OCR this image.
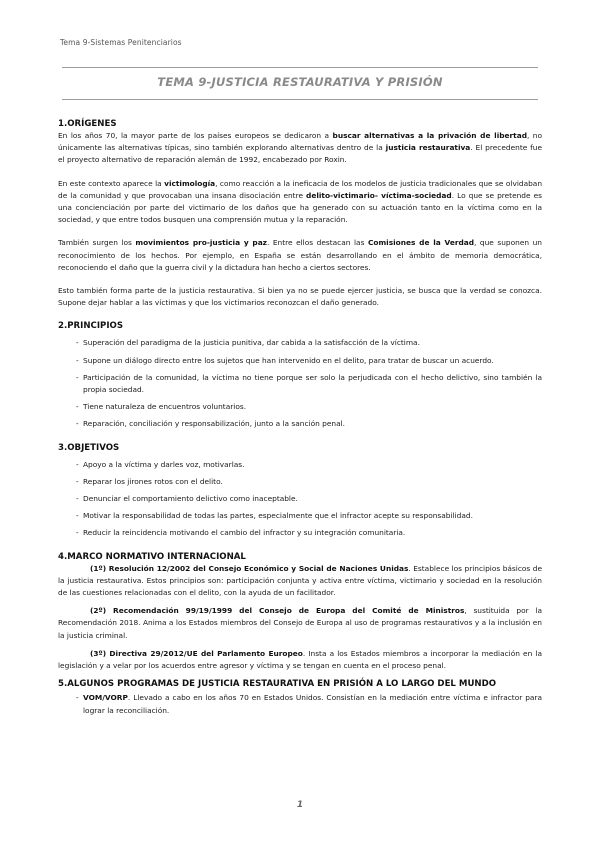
Tema 9-Sistemas Penitenciarios
TEMA 9-JUSTICIA RESTAURATIVA Y PRISIÓN
1.ORÍGENES

En los años 70, la mayor parte de los países europeos se dedicaron a buscar alternativas a la privación de libertad, no únicamente las alternativas típicas, sino también explorando alternativas dentro de la justicia restaurativa. El precedente fue el proyecto alternativo de reparación alemán de 1992, encabezado por Roxin.

En este contexto aparece la victimología, como reacción a la ineficacia de los modelos de justicia tradicionales que se olvidaban de la comunidad y que provocaban una insana disociación entre delito-victimario- víctima-sociedad. Lo que se pretende es una concienciación por parte del victimario de los daños que ha generado con su actuación tanto en la víctima como en la sociedad, y que entre todos busquen una comprensión mutua y la reparación.

También surgen los movimientos pro-justicia y paz. Entre ellos destacan las Comisiones de la Verdad, que suponen un reconocimiento de los hechos. Por ejemplo, en España se están desarrollando en el ámbito de memoria democrática, reconociendo el daño que la guerra civil y la dictadura han hecho a ciertos sectores.

Esto también forma parte de la justicia restaurativa. Si bien ya no se puede ejercer justicia, se busca que la verdad se conozca. Supone dejar hablar a las víctimas y que los victimarios reconozcan el daño generado.

2.PRINCIPIOS
- Superación del paradigma de la justicia punitiva, dar cabida a la satisfacción de la víctima.
- Supone un diálogo directo entre los sujetos que han intervenido en el delito, para tratar de buscar un acuerdo.
- Participación de la comunidad, la víctima no tiene porque ser solo la perjudicada con el hecho delictivo, sino también la propia sociedad.
- Tiene naturaleza de encuentros voluntarios.
- Reparación, conciliación y responsabilización, junto a la sanción penal.
3.OBJETIVOS
- Apoyo a la víctima y darles voz, motivarlas.
- Reparar los jirones rotos con el delito.
- Denunciar el comportamiento delictivo como inaceptable.
- Motivar la responsabilidad de todas las partes, especialmente que el infractor acepte su responsabilidad.
- Reducir la reincidencia motivando el cambio del infractor y su integración comunitaria.
4.MARCO NORMATIVO INTERNACIONAL

(1º) Resolución 12/2002 del Consejo Económico y Social de Naciones Unidas. Establece los principios básicos de la justicia restaurativa. Estos principios son: participación conjunta y activa entre víctima, victimario y sociedad en la resolución de las cuestiones relacionadas con el delito, con la ayuda de un facilitador.

(2º) Recomendación 99/19/1999 del Consejo de Europa del Comité de Ministros, sustituida por la Recomendación 2018. Anima a los Estados miembros del Consejo de Europa al uso de programas restaurativos y a la inclusión en la justicia criminal.

(3º) Directiva 29/2012/UE del Parlamento Europeo. Insta a los Estados miembros a incorporar la mediación en la legislación y a velar por los acuerdos entre agresor y víctima y se tengan en cuenta en el proceso penal.

5.ALGUNOS PROGRAMAS DE JUSTICIA RESTAURATIVA EN PRISIÓN A LO LARGO DEL MUNDO
- VOM/VORP. Llevado a cabo en los años 70 en Estados Unidos. Consistían en la mediación entre víctima e infractor para lograr la reconciliación.
1
